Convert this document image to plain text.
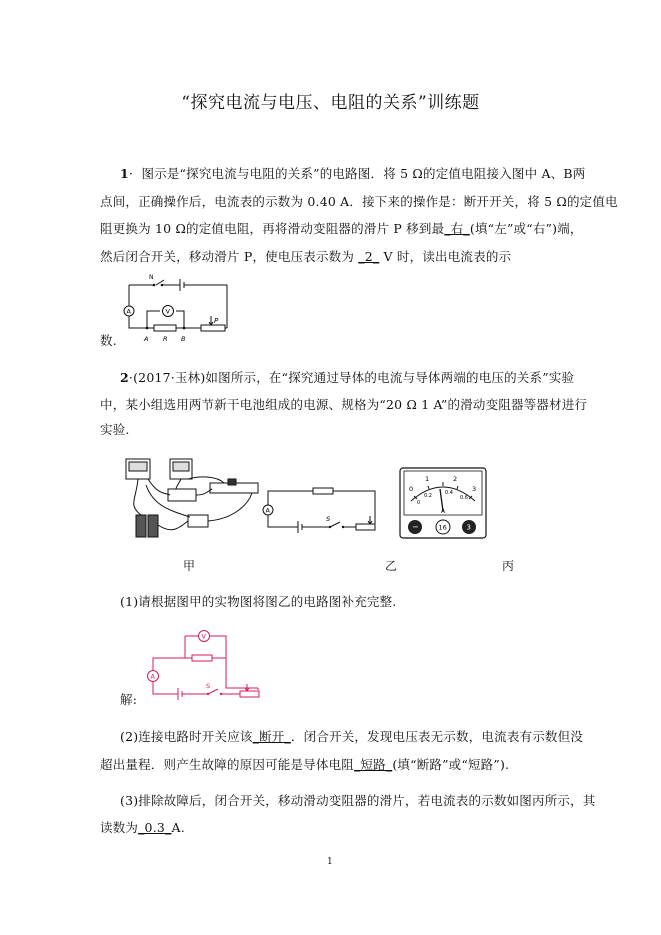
“探究电流与电压、电阻的关系”训练题
1· 图示是“探究电流与电阻的关系”的电路图．将 5 Ω的定值电阻接入图中 A、B两
点间，正确操作后，电流表的示数为 0.40 A．接下来的操作是：断开开关，将 5 Ω的定值电
阻更换为 10 Ω的定值电阻，再将滑动变阻器的滑片 P 移到最_右_(填“左”或“右”)端，
然后闭合开关，移动滑片 P，使电压表示数为 _2_ V 时，读出电流表的示
N
A	V
P
A R B
数.
2·(2017·玉林)如图所示，在“探究通过导体的电流与导体两端的电压的关系”实验
中，某小组选用两节新干电池组成的电源、规格为“20 Ω 1 A”的滑动变阻器等器材进行
实验.
A
S
0
1	2
3
0
0.2	0.4
0.6
A
−	16	3
甲	乙	丙
(1)请根据图甲的实物图将图乙的电路图补充完整.
V
A
S
解:
(2)连接电路时开关应该_断开_．闭合开关，发现电压表无示数，电流表有示数但没
超出量程．则产生故障的原因可能是导体电阻_短路_(填“断路”或“短路”).
(3)排除故障后，闭合开关，移动滑动变阻器的滑片，若电流表的示数如图丙所示，其
读数为_0.3_A.
1
